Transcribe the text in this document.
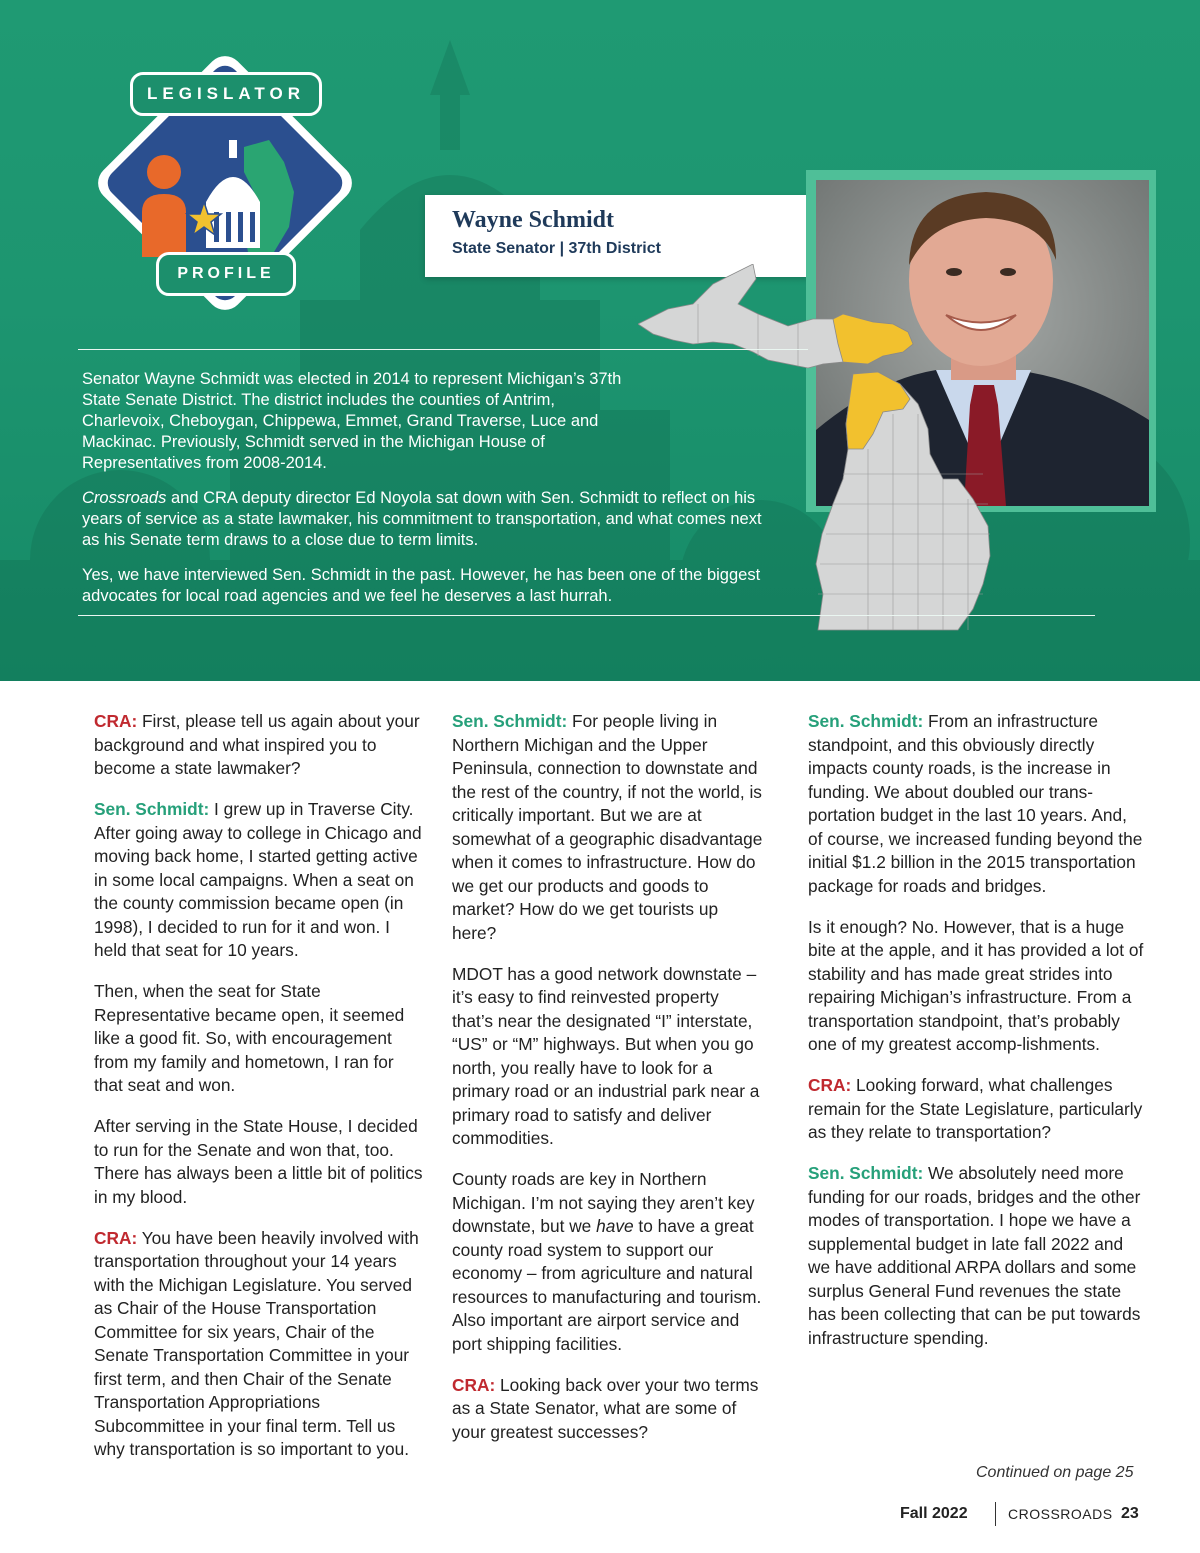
LEGISLATOR
PROFILE
Wayne Schmidt
State Senator | 37th District

Senator Wayne Schmidt was elected in 2014 to represent Michigan’s 37th State Senate District. The district includes the counties of Antrim, Charlevoix, Cheboygan, Chippewa, Emmet, Grand Traverse, Luce and Mackinac. Previously, Schmidt served in the Michigan House of Representatives from 2008-2014.

Crossroads and CRA deputy director Ed Noyola sat down with Sen. Schmidt to reflect on his years of service as a state lawmaker, his commitment to transportation, and what comes next as his Senate term draws to a close due to term limits.

Yes, we have interviewed Sen. Schmidt in the past. However, he has been one of the biggest advocates for local road agencies and we feel he deserves a last hurrah.

CRA: First, please tell us again about your background and what inspired you to become a state lawmaker?

Sen. Schmidt: I grew up in Traverse City. After going away to college in Chicago and moving back home, I started getting active in some local campaigns. When a seat on the county commission became open (in 1998), I decided to run for it and won. I held that seat for 10 years.

Then, when the seat for State Representative became open, it seemed like a good fit. So, with encouragement from my family and hometown, I ran for that seat and won.

After serving in the State House, I decided to run for the Senate and won that, too. There has always been a little bit of politics in my blood.

CRA: You have been heavily involved with transportation throughout your 14 years with the Michigan Legislature. You served as Chair of the House Transportation Committee for six years, Chair of the Senate Transportation Committee in your first term, and then Chair of the Senate Transportation Appropriations Subcommittee in your final term. Tell us why transportation is so important to you.

Sen. Schmidt: For people living in Northern Michigan and the Upper Peninsula, connection to downstate and the rest of the country, if not the world, is critically important. But we are at somewhat of a geographic disadvantage when it comes to infrastructure. How do we get our products and goods to market? How do we get tourists up here?

MDOT has a good network downstate – it’s easy to find reinvested property that’s near the designated “I” interstate, “US” or “M” highways. But when you go north, you really have to look for a primary road or an industrial park near a primary road to satisfy and deliver commodities.

County roads are key in Northern Michigan. I’m not saying they aren’t key downstate, but we have to have a great county road system to support our economy – from agriculture and natural resources to manufacturing and tourism. Also important are airport service and port shipping facilities.

CRA: Looking back over your two terms as a State Senator, what are some of your greatest successes?

Sen. Schmidt: From an infrastructure standpoint, and this obviously directly impacts county roads, is the increase in funding. We about doubled our trans-portation budget in the last 10 years. And, of course, we increased funding beyond the initial $1.2 billion in the 2015 transportation package for roads and bridges.

Is it enough? No. However, that is a huge bite at the apple, and it has provided a lot of stability and has made great strides into repairing Michigan’s infrastructure. From a transportation standpoint, that’s probably one of my greatest accomp-lishments.

CRA: Looking forward, what challenges remain for the State Legislature, particularly as they relate to transportation?

Sen. Schmidt: We absolutely need more funding for our roads, bridges and the other modes of transportation. I hope we have a supplemental budget in late fall 2022 and we have additional ARPA dollars and some surplus General Fund revenues the state has been collecting that can be put towards infrastructure spending.

Continued on page 25
Fall 2022	CROSSROADS 23
